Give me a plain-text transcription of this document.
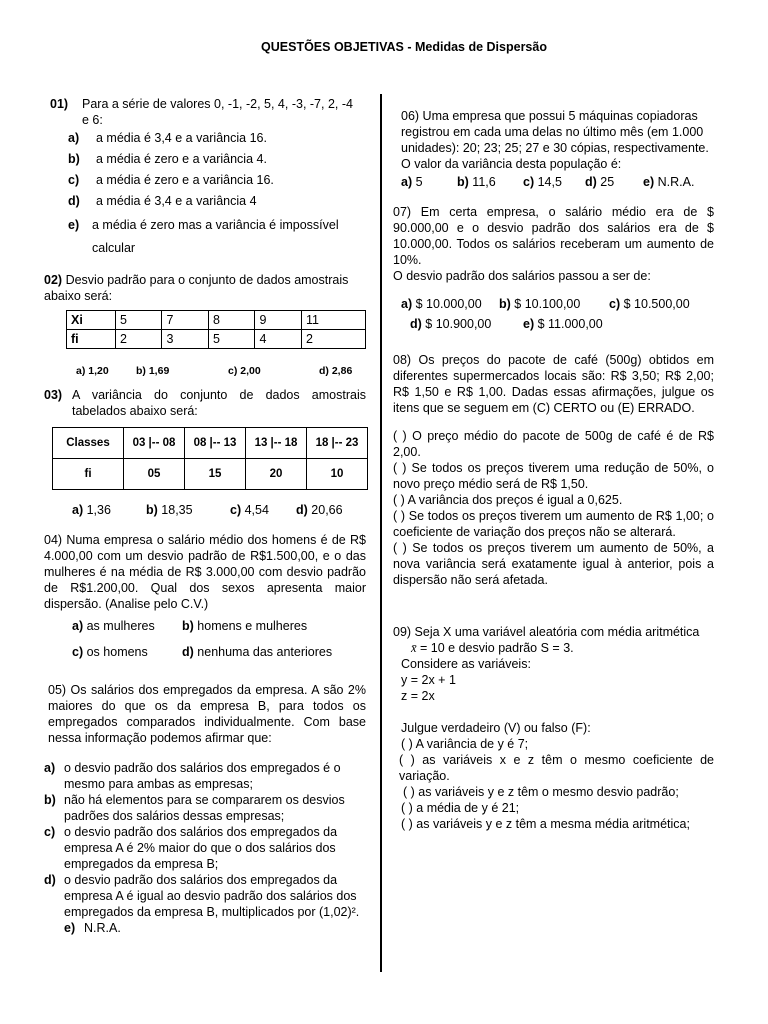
QUESTÕES OBJETIVAS - Medidas de Dispersão
01)	Para a série de valores 0, -1, -2, 5, 4, -3, -7, 2, -4 e 6:
a)	a média é 3,4 e a variância 16.
b)	a média é zero e a variância 4.
c)	a média é zero e a variância 16.
d)	a média é 3,4 e a variância 4
e)	a média é zero mas a variância é impossível calcular
02) Desvio padrão para o conjunto de dados amostrais abaixo será:
Xi	5	7	8	9	11
fi	2	3	5	4	2
a) 1,20	b) 1,69	c) 2,00	d) 2,86
03) A variância do conjunto de dados amostrais tabelados abaixo será:
Classes	03 |-- 08	08 |-- 13	13 |-- 18	18 |-- 23
fi	05	15	20	10
a) 1,36	b) 18,35	c) 4,54 d) 20,66
04) Numa empresa o salário médio dos homens é de R$ 4.000,00 com um desvio padrão de R$1.500,00, e o das mulheres é na média de R$ 3.000,00 com desvio padrão de R$1.200,00. Qual dos sexos apresenta maior dispersão. (Analise pelo C.V.)
a) as mulheres b) homens e mulheres
c) os homens	d) nenhuma das anteriores
05) Os salários dos empregados da empresa. A são 2% maiores do que os da empresa B, para todos os empregados comparados individualmente. Com base nessa informação podemos afirmar que:
a) o desvio padrão dos salários dos empregados é o mesmo para ambas as empresas;
b) não há elementos para se compararem os desvios padrões dos salários dessas empresas;
c) o desvio padrão dos salários dos empregados da empresa A é 2% maior do que o dos salários dos empregados da empresa B;
d) o desvio padrão dos salários dos empregados da empresa A é igual ao desvio padrão dos salários dos empregados da empresa B, multiplicados por (1,02)².
e) N.R.A.
06) Uma empresa que possui 5 máquinas copiadoras registrou em cada uma delas no último mês (em 1.000 unidades): 20; 23; 25; 27 e 30 cópias, respectivamente. O valor da variância desta população é:
a) 5	b) 11,6 c) 14,5 d) 25 e) N.R.A.
07) Em certa empresa, o salário médio era de $ 90.000,00 e o desvio padrão dos salários era de $ 10.000,00. Todos os salários receberam um aumento de 10%.
O desvio padrão dos salários passou a ser de:
a) $ 10.000,00 b) $ 10.100,00 c) $ 10.500,00
d) $ 10.900,00	e) $ 11.000,00
08) Os preços do pacote de café (500g) obtidos em diferentes supermercados locais são: R$ 3,50; R$ 2,00; R$ 1,50 e R$ 1,00. Dadas essas afirmações, julgue os itens que se seguem em (C) CERTO ou (E) ERRADO.
( ) O preço médio do pacote de 500g de café é de R$ 2,00.
( ) Se todos os preços tiverem uma redução de 50%, o novo preço médio será de R$ 1,50.
( ) A variância dos preços é igual a 0,625.
( ) Se todos os preços tiverem um aumento de R$ 1,00; o coeficiente de variação dos preços não se alterará.
( ) Se todos os preços tiverem um aumento de 50%, a nova variância será exatamente igual à anterior, pois a dispersão não será afetada.
09) Seja X uma variável aleatória com média aritmética
x̄ = 10 e desvio padrão S = 3.
Considere as variáveis:
y = 2x + 1
z = 2x
Julgue verdadeiro (V) ou falso (F):
( ) A variância de y é 7;
( ) as variáveis x e z têm o mesmo coeficiente de variação.
( ) as variáveis y e z têm o mesmo desvio padrão;
( ) a média de y é 21;
( ) as variáveis y e z têm a mesma média aritmética;
